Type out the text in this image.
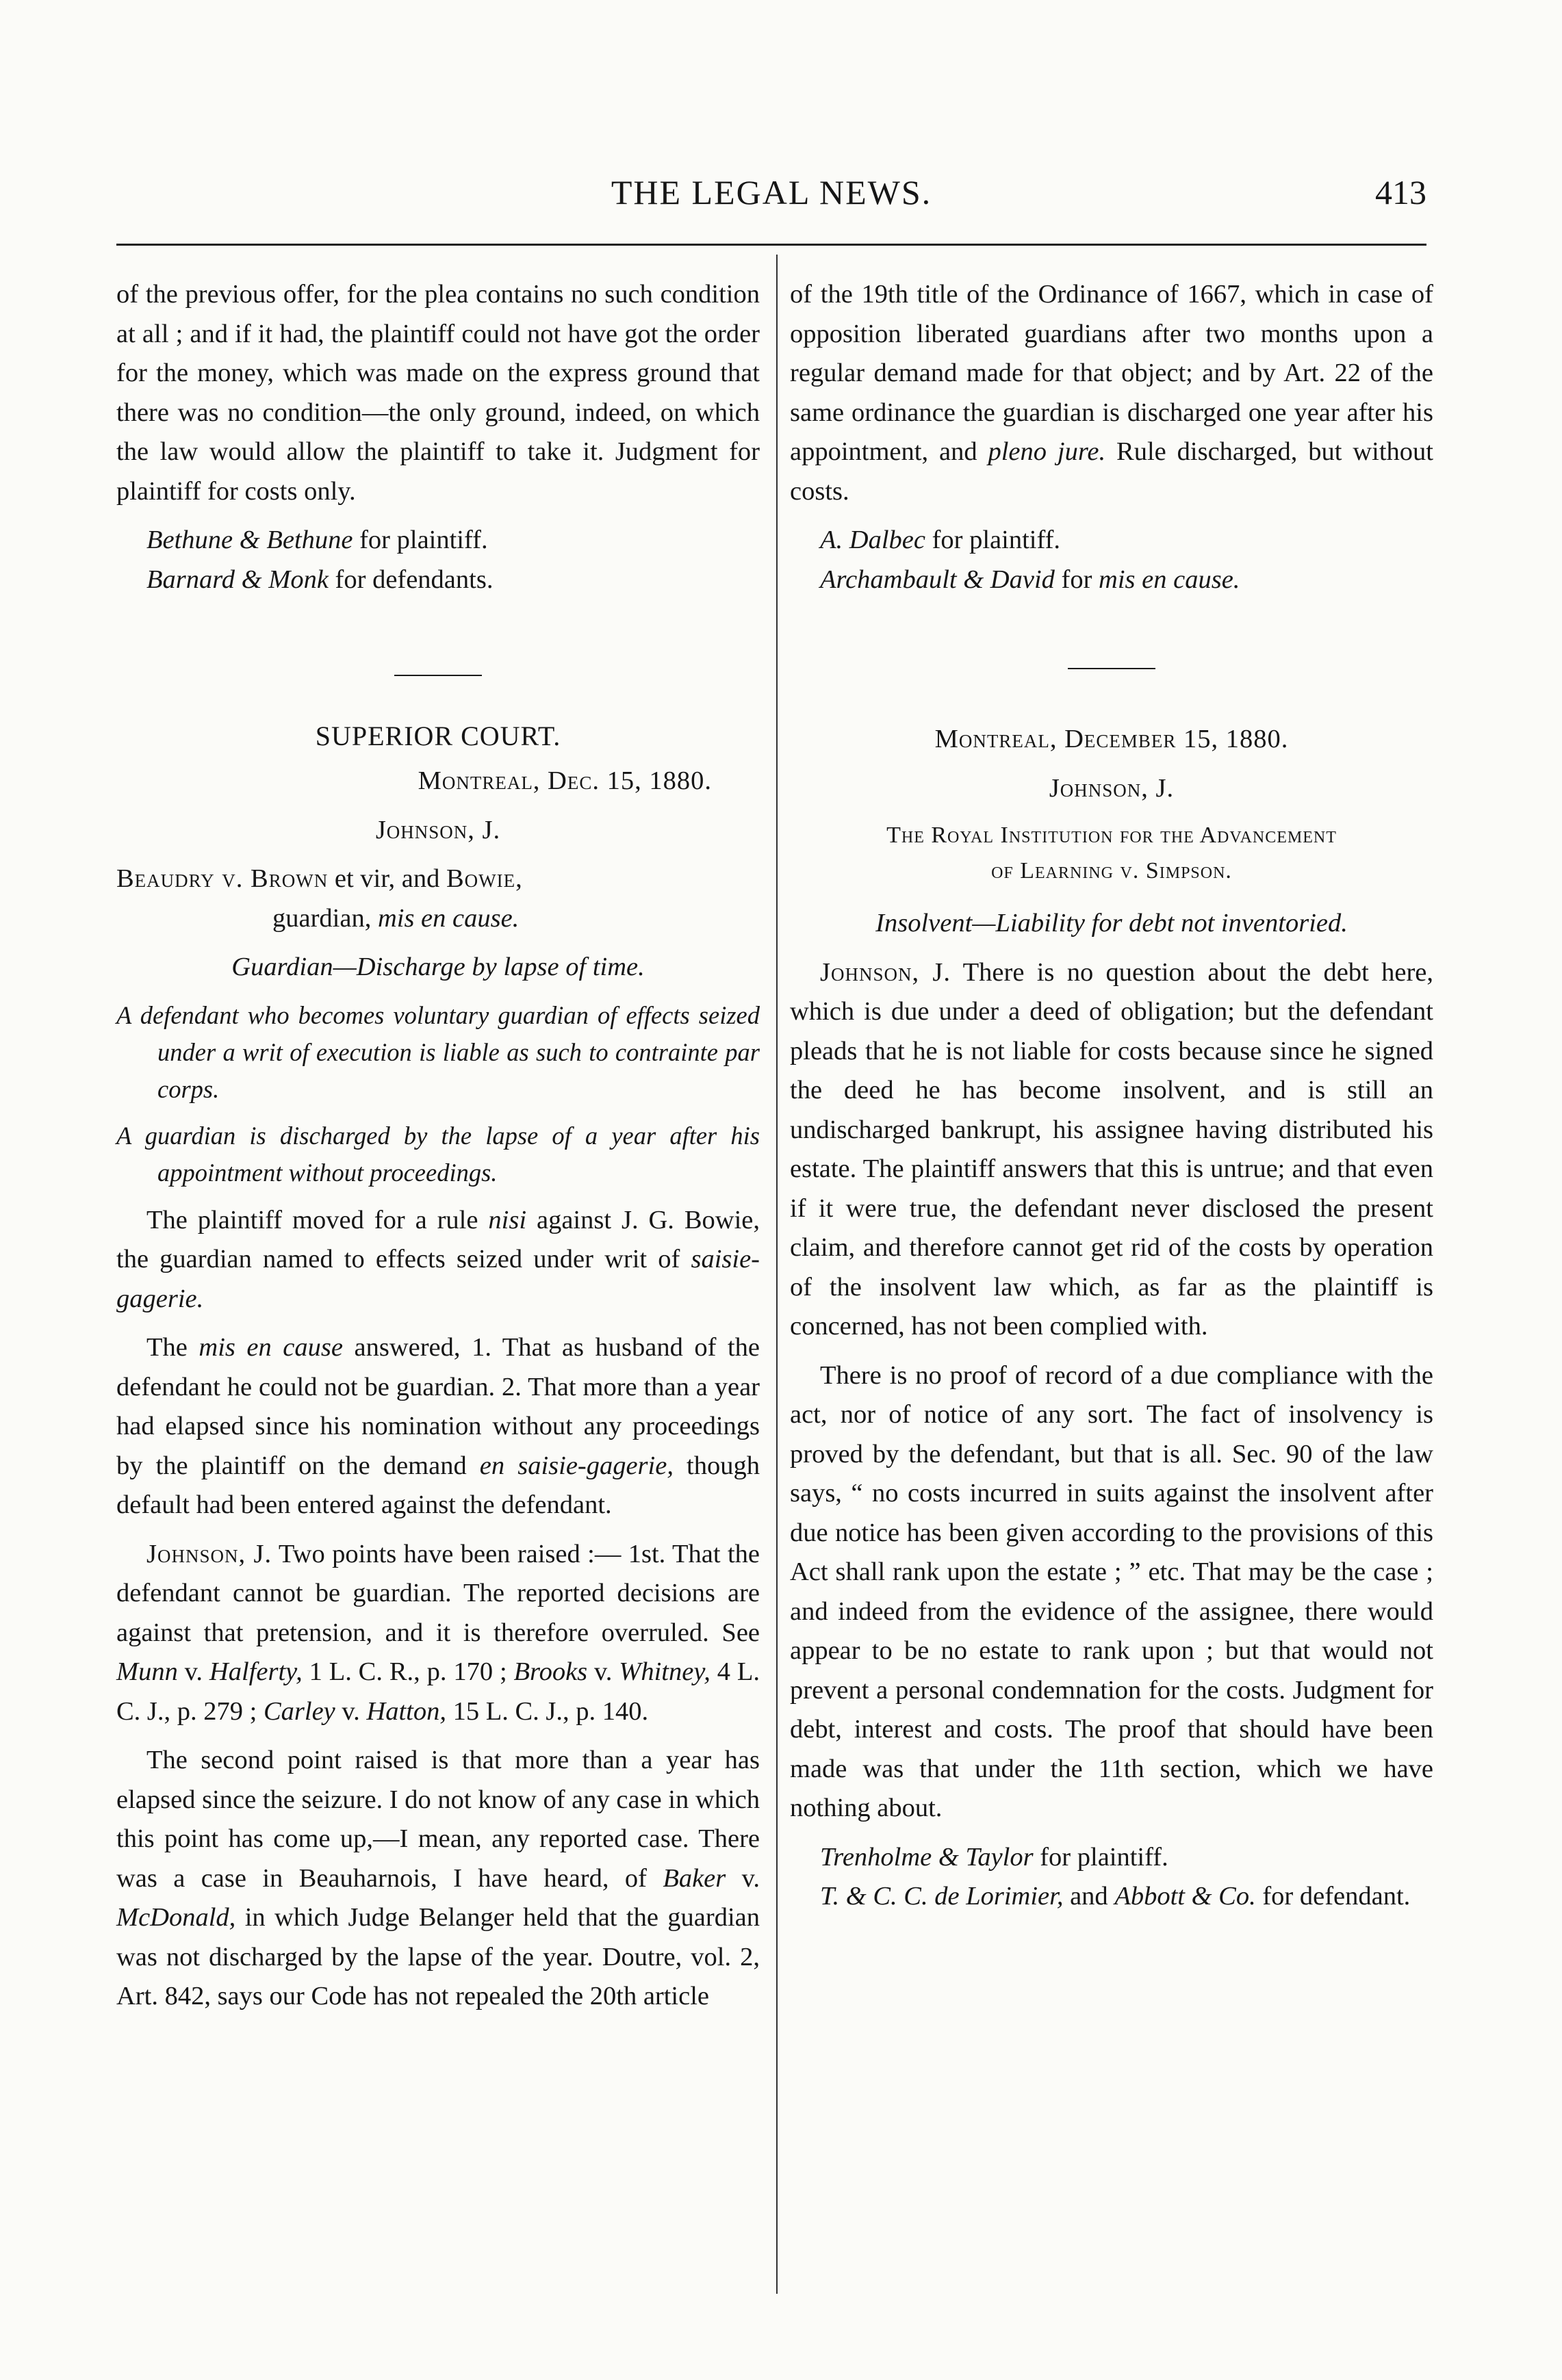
THE LEGAL NEWS.	413

of the previous offer, for the plea contains no such condition at all ; and if it had, the plaintiff could not have got the order for the money, which was made on the express ground that there was no condition—the only ground, indeed, on which the law would allow the plaintiff to take it. Judgment for plaintiff for costs only.

Bethune & Bethune for plaintiff.

Barnard & Monk for defendants.

SUPERIOR COURT.

Montreal, Dec. 15, 1880.

Johnson, J.

Beaudry v. Brown et vir, and Bowie,
guardian, mis en cause.

Guardian—Discharge by lapse of time.

A defendant who becomes voluntary guardian of effects seized under a writ of execution is liable as such to contrainte par corps.

A guardian is discharged by the lapse of a year after his appointment without proceedings.

The plaintiff moved for a rule nisi against J. G. Bowie, the guardian named to effects seized under writ of saisie-gagerie.

The mis en cause answered, 1. That as husband of the defendant he could not be guardian. 2. That more than a year had elapsed since his nomination without any proceedings by the plaintiff on the demand en saisie-gagerie, though default had been entered against the defendant.

Johnson, J. Two points have been raised :— 1st. That the defendant cannot be guardian. The reported decisions are against that pretension, and it is therefore overruled. See Munn v. Halferty, 1 L. C. R., p. 170 ; Brooks v. Whitney, 4 L. C. J., p. 279 ; Carley v. Hatton, 15 L. C. J., p. 140.

The second point raised is that more than a year has elapsed since the seizure. I do not know of any case in which this point has come up,—I mean, any reported case. There was a case in Beauharnois, I have heard, of Baker v. McDonald, in which Judge Belanger held that the guardian was not discharged by the lapse of the year. Doutre, vol. 2, Art. 842, says our Code has not repealed the 20th article

of the 19th title of the Ordinance of 1667, which in case of opposition liberated guardians after two months upon a regular demand made for that object; and by Art. 22 of the same ordinance the guardian is discharged one year after his appointment, and pleno jure. Rule discharged, but without costs.

A. Dalbec for plaintiff.

Archambault & David for mis en cause.

Montreal, December 15, 1880.

Johnson, J.

The Royal Institution for the Advancement
of Learning v. Simpson.

Insolvent—Liability for debt not inventoried.

Johnson, J. There is no question about the debt here, which is due under a deed of obligation; but the defendant pleads that he is not liable for costs because since he signed the deed he has become insolvent, and is still an undischarged bankrupt, his assignee having distributed his estate. The plaintiff answers that this is untrue; and that even if it were true, the defendant never disclosed the present claim, and therefore cannot get rid of the costs by operation of the insolvent law which, as far as the plaintiff is concerned, has not been complied with.

There is no proof of record of a due compliance with the act, nor of notice of any sort. The fact of insolvency is proved by the defendant, but that is all. Sec. 90 of the law says, “ no costs incurred in suits against the insolvent after due notice has been given according to the provisions of this Act shall rank upon the estate ; ” etc. That may be the case ; and indeed from the evidence of the assignee, there would appear to be no estate to rank upon ; but that would not prevent a personal condemnation for the costs. Judgment for debt, interest and costs. The proof that should have been made was that under the 11th section, which we have nothing about.

Trenholme & Taylor for plaintiff.

T. & C. C. de Lorimier, and Abbott & Co. for defendant.
